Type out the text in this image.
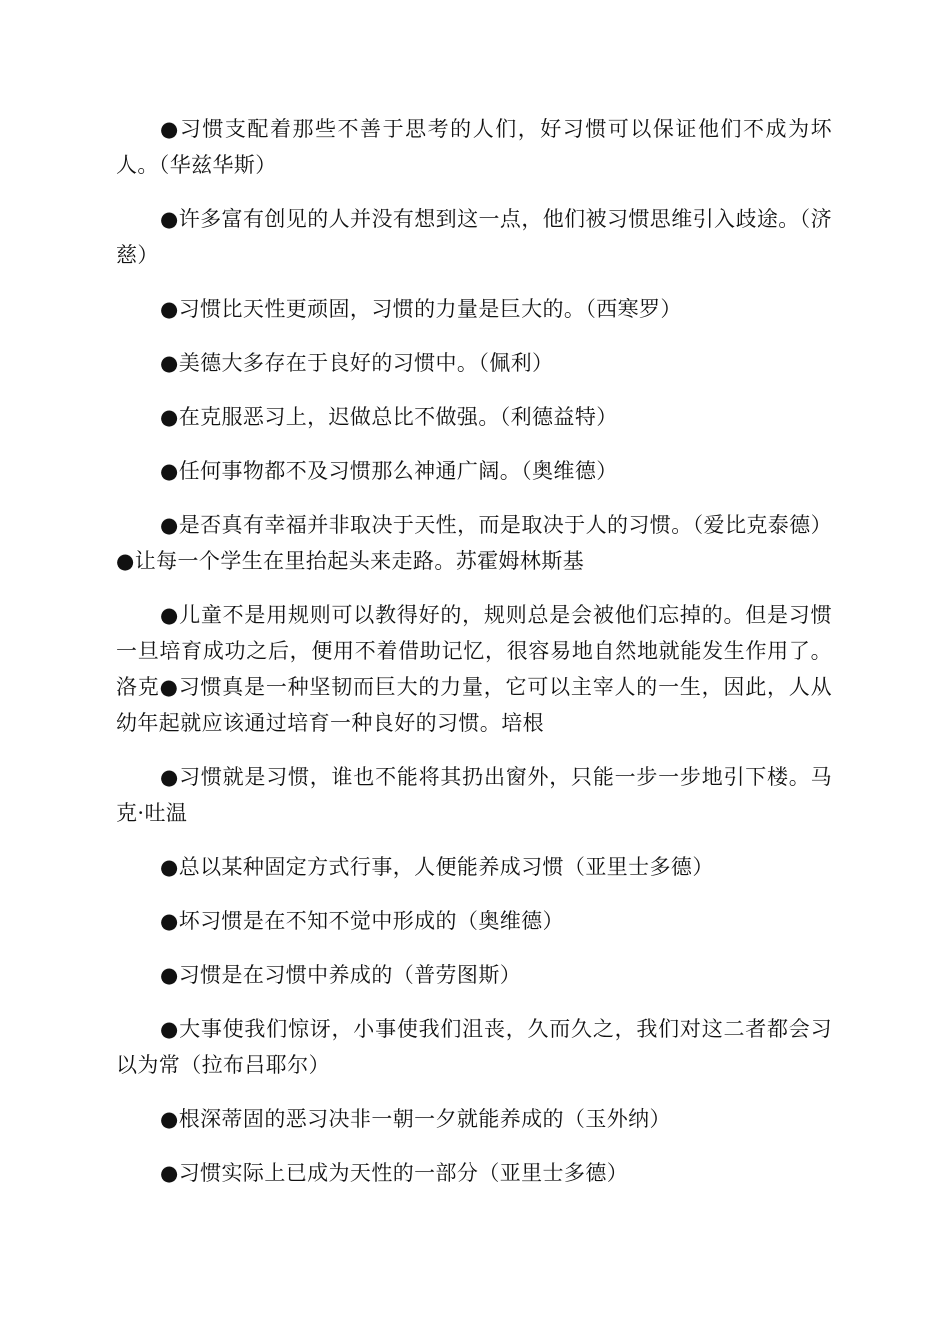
●习惯支配着那些不善于思考的人们，好习惯可以保证他们不成为坏人。（华兹华斯）

●许多富有创见的人并没有想到这一点，他们被习惯思维引入歧途。（济慈）

●习惯比天性更顽固，习惯的力量是巨大的。（西寒罗）

●美德大多存在于良好的习惯中。（佩利）

●在克服恶习上，迟做总比不做强。（利德益特）

●任何事物都不及习惯那么神通广阔。（奥维德）

●是否真有幸福并非取决于天性，而是取决于人的习惯。（爱比克泰德）●让每一个学生在里抬起头来走路。苏霍姆林斯基

●儿童不是用规则可以教得好的，规则总是会被他们忘掉的。但是习惯一旦培育成功之后，便用不着借助记忆，很容易地自然地就能发生作用了。洛克●习惯真是一种坚韧而巨大的力量，它可以主宰人的一生，因此，人从幼年起就应该通过培育一种良好的习惯。培根

●习惯就是习惯，谁也不能将其扔出窗外，只能一步一步地引下楼。马克·吐温

●总以某种固定方式行事，人便能养成习惯（亚里士多德）

●坏习惯是在不知不觉中形成的（奥维德）

●习惯是在习惯中养成的（普劳图斯）

●大事使我们惊讶，小事使我们沮丧，久而久之，我们对这二者都会习以为常（拉布吕耶尔）

●根深蒂固的恶习决非一朝一夕就能养成的（玉外纳）

●习惯实际上已成为天性的一部分（亚里士多德）
